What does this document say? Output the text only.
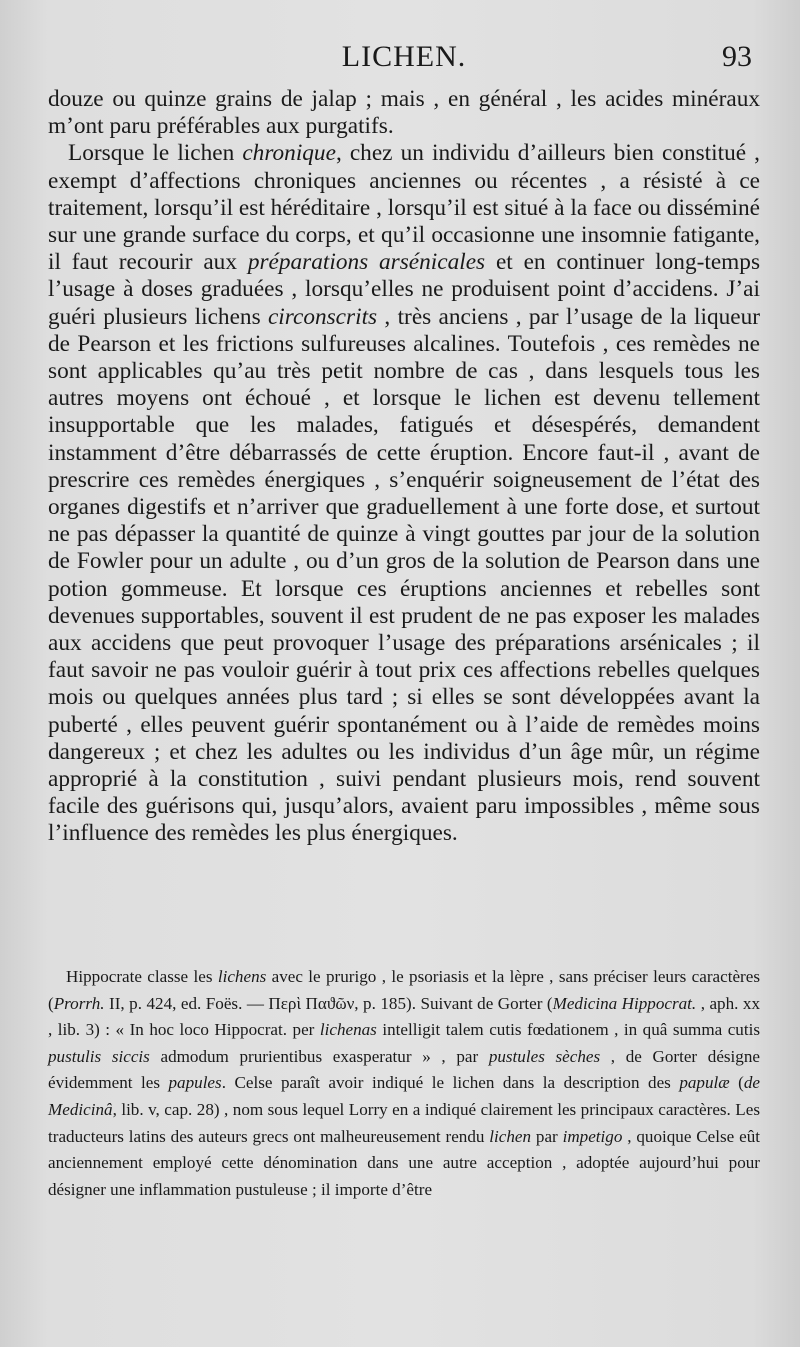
LICHEN.	93

douze ou quinze grains de jalap ; mais , en général , les acides minéraux m’ont paru préférables aux purgatifs.

Lorsque le lichen chronique, chez un individu d’ailleurs bien constitué , exempt d’affections chroniques anciennes ou récentes , a résisté à ce traitement, lorsqu’il est héréditaire , lorsqu’il est situé à la face ou disséminé sur une grande surface du corps, et qu’il occasionne une insomnie fatigante, il faut recourir aux préparations arsénicales et en continuer long-temps l’usage à doses graduées , lorsqu’elles ne produisent point d’accidens. J’ai guéri plusieurs lichens circonscrits , très anciens , par l’usage de la liqueur de Pearson et les frictions sulfureuses alcalines. Toutefois , ces remèdes ne sont applicables qu’au très petit nombre de cas , dans lesquels tous les autres moyens ont échoué , et lorsque le lichen est devenu tellement insupportable que les malades, fatigués et désespérés, demandent instamment d’être débarrassés de cette éruption. Encore faut-il , avant de prescrire ces remèdes énergiques , s’enquérir soigneusement de l’état des organes digestifs et n’arriver que graduellement à une forte dose, et surtout ne pas dépasser la quantité de quinze à vingt gouttes par jour de la solution de Fowler pour un adulte , ou d’un gros de la solution de Pearson dans une potion gommeuse. Et lorsque ces éruptions anciennes et rebelles sont devenues supportables, souvent il est prudent de ne pas exposer les malades aux accidens que peut provoquer l’usage des préparations arsénicales ; il faut savoir ne pas vouloir guérir à tout prix ces affections rebelles quelques mois ou quelques années plus tard ; si elles se sont développées avant la puberté , elles peuvent guérir spontanément ou à l’aide de remèdes moins dangereux ; et chez les adultes ou les individus d’un âge mûr, un régime approprié à la constitution , suivi pendant plusieurs mois, rend souvent facile des guérisons qui, jusqu’alors, avaient paru impossibles , même sous l’influence des remèdes les plus énergiques.

Hippocrate classe les lichens avec le prurigo , le psoriasis et la lèpre , sans préciser leurs caractères (Prorrh. II, p. 424, ed. Foës. — Περὶ Παϑῶν, p. 185). Suivant de Gorter (Medicina Hippocrat. , aph. xx , lib. 3) : « In hoc loco Hippocrat. per lichenas intelligit talem cutis fœdationem , in quâ summa cutis pustulis siccis admodum prurientibus exasperatur » , par pustules sèches , de Gorter désigne évidemment les papules. Celse paraît avoir indiqué le lichen dans la description des papulæ (de Medicinâ, lib. v, cap. 28) , nom sous lequel Lorry en a indiqué clairement les principaux caractères. Les traducteurs latins des auteurs grecs ont malheureusement rendu lichen par impetigo , quoique Celse eût anciennement employé cette dénomination dans une autre acception , adoptée aujourd’hui pour désigner une inflammation pustuleuse ; il importe d’être
